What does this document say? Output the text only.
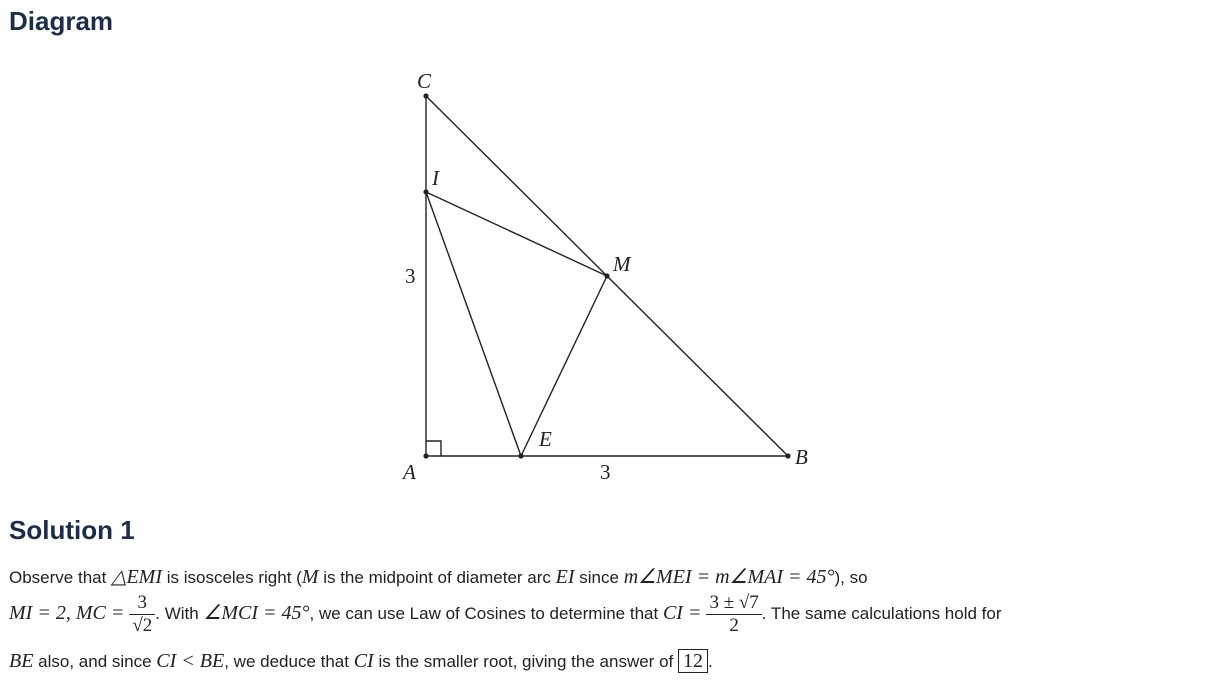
Diagram
C
I
M
A
E
B
3
3
Solution 1
Observe that △EMI is isosceles right (M is the midpoint of diameter arc EI since m∠MEI = m∠MAI = 45°), so
MI = 2, MC = $\frac{3}{√2}$ . With ∠MCI = 45°, we can use Law of Cosines to determine that CI = $\frac{3 \pm √7}{2}$ . The same calculations hold for
BE also, and since CI < BE, we deduce that CI is the smaller root, giving the answer of 12 .
